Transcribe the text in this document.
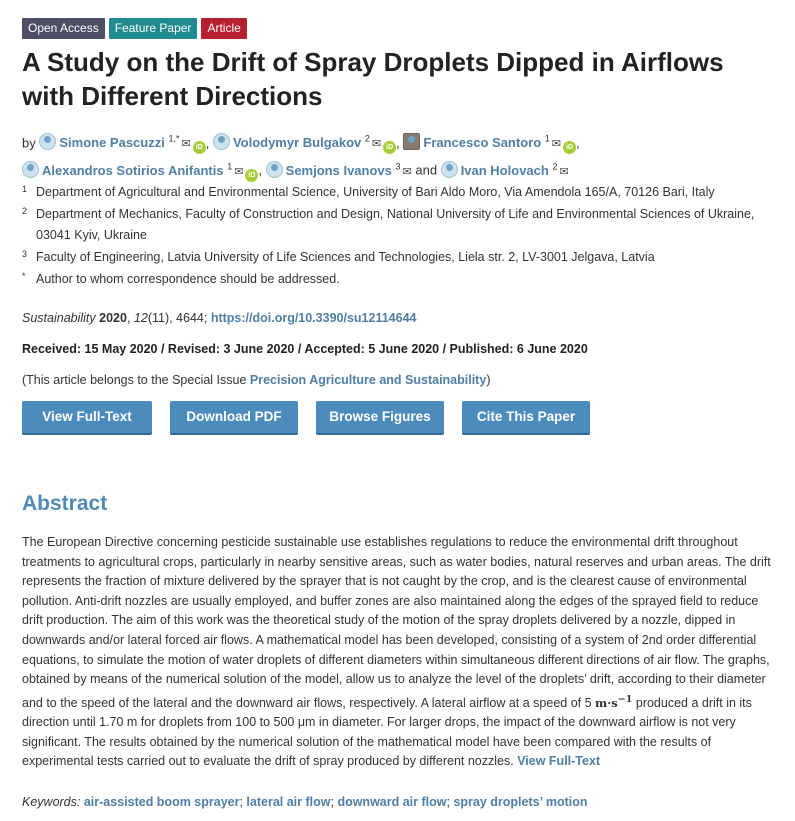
Open Access	Feature Paper	Article
A Study on the Drift of Spray Droplets Dipped in Airflows with Different Directions
by Simone Pascuzzi $^{1,*}$ ✉ iD , Volodymyr Bulgakov $^2$ ✉ iD , Francesco Santoro $^1$ ✉ iD ,
Alexandros Sotirios Anifantis $^1$ ✉ iD , Semjons Ivanovs $^3$ ✉ and Ivan Holovach $^2$ ✉
1 Department of Agricultural and Environmental Science, University of Bari Aldo Moro, Via Amendola 165/A, 70126 Bari, Italy
2 Department of Mechanics, Faculty of Construction and Design, National University of Life and Environmental Sciences of Ukraine, 03041 Kyiv, Ukraine
3 Faculty of Engineering, Latvia University of Life Sciences and Technologies, Liela str. 2, LV-3001 Jelgava, Latvia
* Author to whom correspondence should be addressed.
Sustainability 2020, 12(11), 4644; https://doi.org/10.3390/su12114644
Received: 15 May 2020 / Revised: 3 June 2020 / Accepted: 5 June 2020 / Published: 6 June 2020
(This article belongs to the Special Issue Precision Agriculture and Sustainability)
View Full-Text	Download PDF	Browse Figures	Cite This Paper
Abstract

The European Directive concerning pesticide sustainable use establishes regulations to reduce the environmental drift throughout treatments to agricultural crops, particularly in nearby sensitive areas, such as water bodies, natural reserves and urban areas. The drift represents the fraction of mixture delivered by the sprayer that is not caught by the crop, and is the clearest cause of environmental pollution. Anti-drift nozzles are usually employed, and buffer zones are also maintained along the edges of the sprayed field to reduce drift production. The aim of this work was the theoretical study of the motion of the spray droplets delivered by a nozzle, dipped in downwards and/or lateral forced air flows. A mathematical model has been developed, consisting of a system of 2nd order differential equations, to simulate the motion of water droplets of different diameters within simultaneous different directions of air flow. The graphs, obtained by means of the numerical solution of the model, allow us to analyze the level of the droplets’ drift, according to their diameter and to the speed of the lateral and the downward air flows, respectively. A lateral airflow at a speed of 5 $m\cdot s^{-1}$ produced a drift in its direction until 1.70 m for droplets from 100 to 500 μm in diameter. For larger drops, the impact of the downward airflow is not very significant. The results obtained by the numerical solution of the mathematical model have been compared with the results of experimental tests carried out to evaluate the drift of spray produced by different nozzles. View Full-Text

Keywords: air-assisted boom sprayer; lateral air flow; downward air flow; spray droplets’ motion
